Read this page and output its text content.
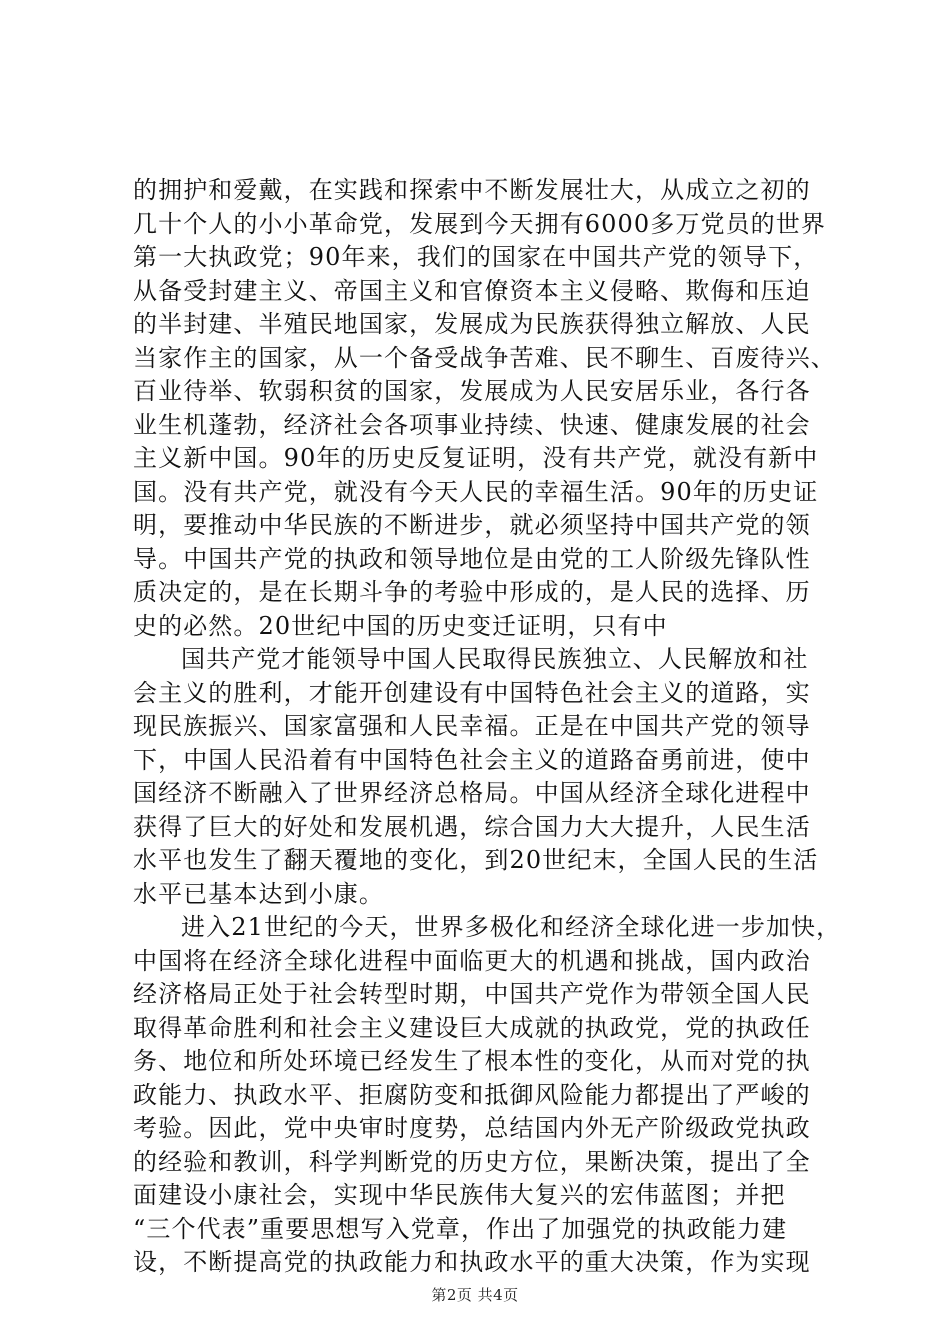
的拥护和爱戴，在实践和探索中不断发展壮大，从成立之初的
几十个人的小小革命党，发展到今天拥有6000多万党员的世界
第一大执政党；90年来，我们的国家在中国共产党的领导下，
从备受封建主义、帝国主义和官僚资本主义侵略、欺侮和压迫
的半封建、半殖民地国家，发展成为民族获得独立解放、人民
当家作主的国家，从一个备受战争苦难、民不聊生、百废待兴、
百业待举、软弱积贫的国家，发展成为人民安居乐业，各行各
业生机蓬勃，经济社会各项事业持续、快速、健康发展的社会
主义新中国。90年的历史反复证明，没有共产党，就没有新中
国。没有共产党，就没有今天人民的幸福生活。90年的历史证
明，要推动中华民族的不断进步，就必须坚持中国共产党的领
导。中国共产党的执政和领导地位是由党的工人阶级先锋队性
质决定的，是在长期斗争的考验中形成的，是人民的选择、历
史的必然。20世纪中国的历史变迁证明，只有中
国共产党才能领导中国人民取得民族独立、人民解放和社
会主义的胜利，才能开创建设有中国特色社会主义的道路，实
现民族振兴、国家富强和人民幸福。正是在中国共产党的领导
下，中国人民沿着有中国特色社会主义的道路奋勇前进，使中
国经济不断融入了世界经济总格局。中国从经济全球化进程中
获得了巨大的好处和发展机遇，综合国力大大提升，人民生活
水平也发生了翻天覆地的变化，到20世纪末，全国人民的生活
水平已基本达到小康。
进入21世纪的今天，世界多极化和经济全球化进一步加快，
中国将在经济全球化进程中面临更大的机遇和挑战，国内政治
经济格局正处于社会转型时期，中国共产党作为带领全国人民
取得革命胜利和社会主义建设巨大成就的执政党，党的执政任
务、地位和所处环境已经发生了根本性的变化，从而对党的执
政能力、执政水平、拒腐防变和抵御风险能力都提出了严峻的
考验。因此，党中央审时度势，总结国内外无产阶级政党执政
的经验和教训，科学判断党的历史方位，果断决策，提出了全
面建设小康社会，实现中华民族伟大复兴的宏伟蓝图；并把
“三个代表”重要思想写入党章，作出了加强党的执政能力建
设，不断提高党的执政能力和执政水平的重大决策，作为实现
第2页 共4页
